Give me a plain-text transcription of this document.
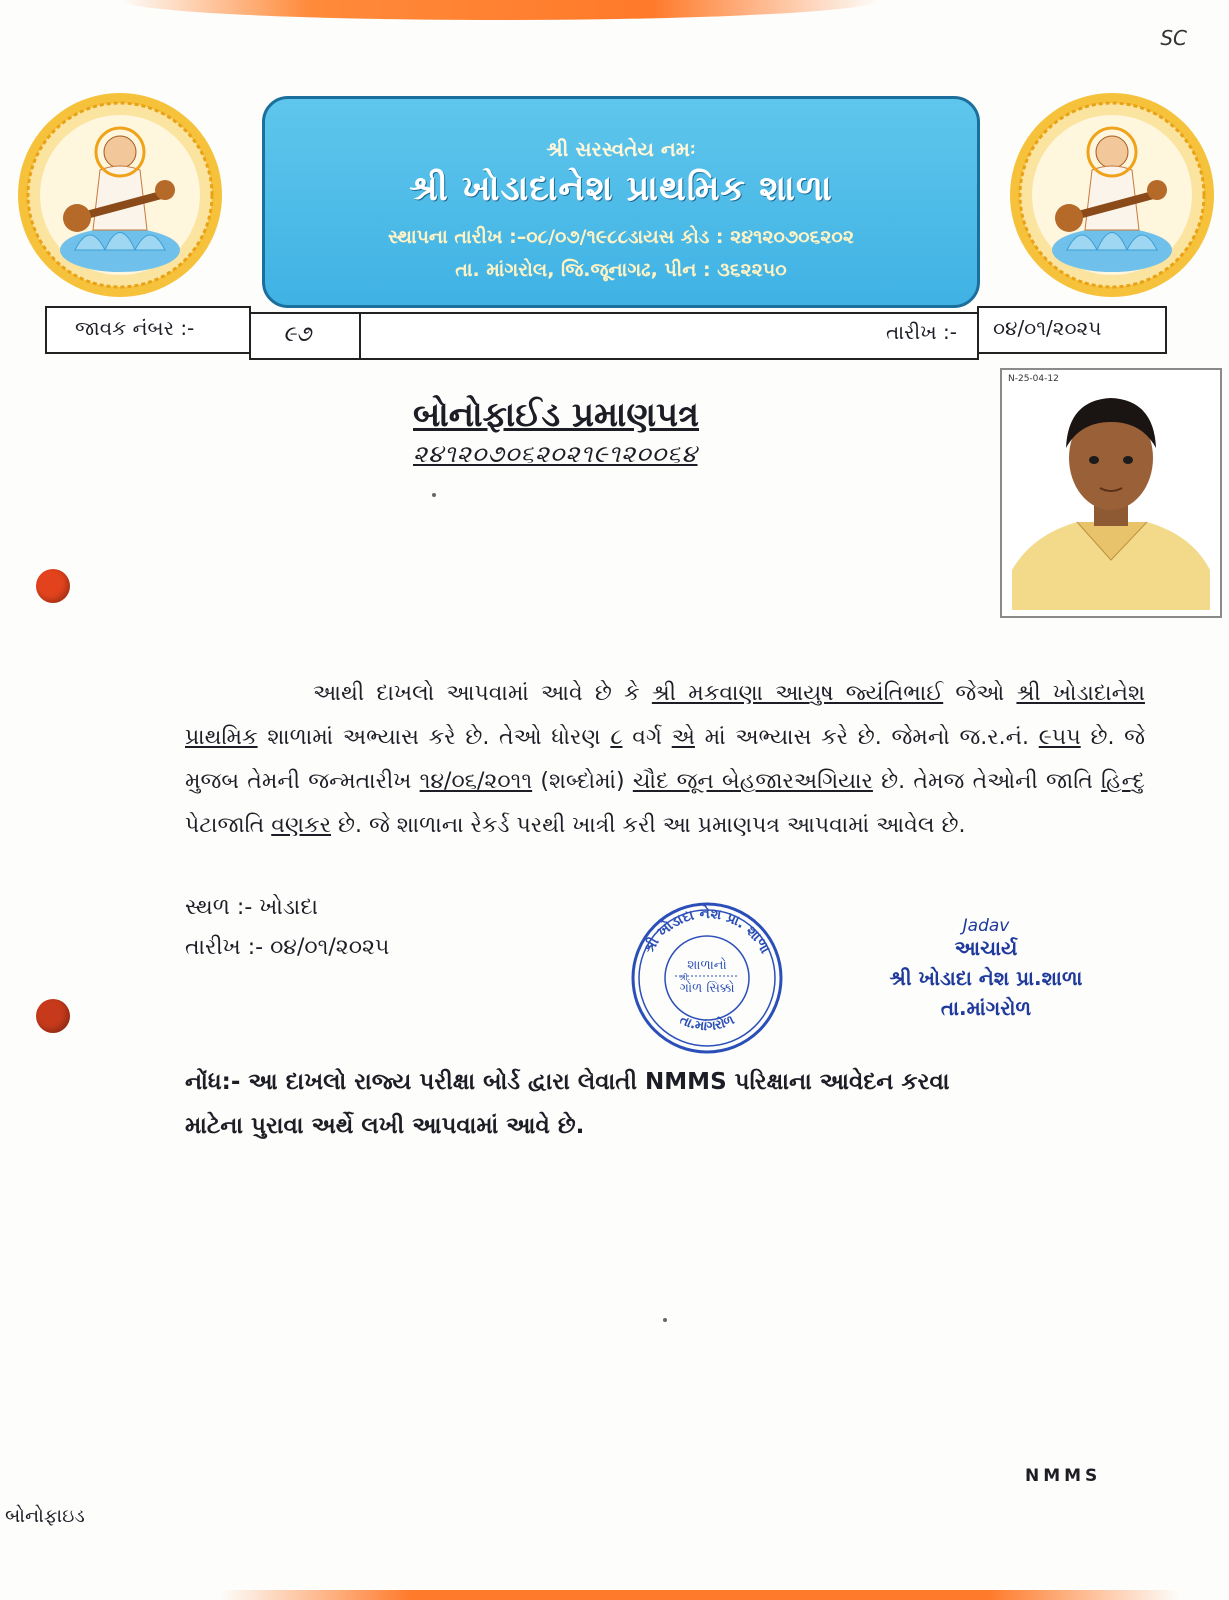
SC
શ્રી સરસ્વતેય નમઃ
શ્રી ખોડાદાનેશ પ્રાથમિક શાળા
સ્થાપના તારીખ :–૦૮/૦૭/૧૯૮૮ડાયસ કોડ : ૨૪૧૨૦૭૦૬૨૦૨
તા. માંગરોલ, જિ.જૂનાગઢ, પીન : ૩૬૨૨૫૦
જાવક નંબર :-	૯૭	તારીખ :- ૦૪/૦૧/૨૦૨૫
N-25-04-12
બોનોફાઈડ પ્રમાણપત્ર
૨૪૧૨૦૭૦૬૨૦૨૧૯૧૨૦૦૬૪

આથી દાખલો આપવામાં આવે છે કે શ્રી મકવાણા આયુષ જ્યંતિભાઈ જેઓ શ્રી ખોડાદાનેશ પ્રાથમિક શાળામાં અભ્યાસ કરે છે. તેઓ ધોરણ ૮ વર્ગ એ માં અભ્યાસ કરે છે. જેમનો જ.ર.નં. ૯૫૫ છે. જે મુજબ તેમની જન્મતારીખ ૧૪/૦૬/૨૦૧૧ (શબ્દોમાં) ચૌદ જૂન બેહજારઅગિયાર છે. તેમજ તેઓની જાતિ હિન્દુ પેટાજાતિ વણકર છે. જે શાળાના રેકર્ડ પરથી ખાત્રી કરી આ પ્રમાણપત્ર આપવામાં આવેલ છે.

સ્થળ :- ખોડાદા
તારીખ :- ૦૪/૦૧/૨૦૨૫	શ્રી ખોડાદા નેશ પ્રા. શાળા
તા.માંગરોળ
શાળાનો
ગોળ સિક્કો
શ્રી.
Jadav
આચાર્ય
શ્રી ખોડાદા નેશ પ્રા.શાળા
તા.માંગરોળ

નોંધ:- આ દાખલો રાજ્ય પરીક્ષા બોર્ડ દ્વારા લેવાતી NMMS પરિક્ષાના આવેદન કરવા

માટેના પુરાવા અર્થે લખી આપવામાં આવે છે.

NMMS
બોનોફાઇડ
